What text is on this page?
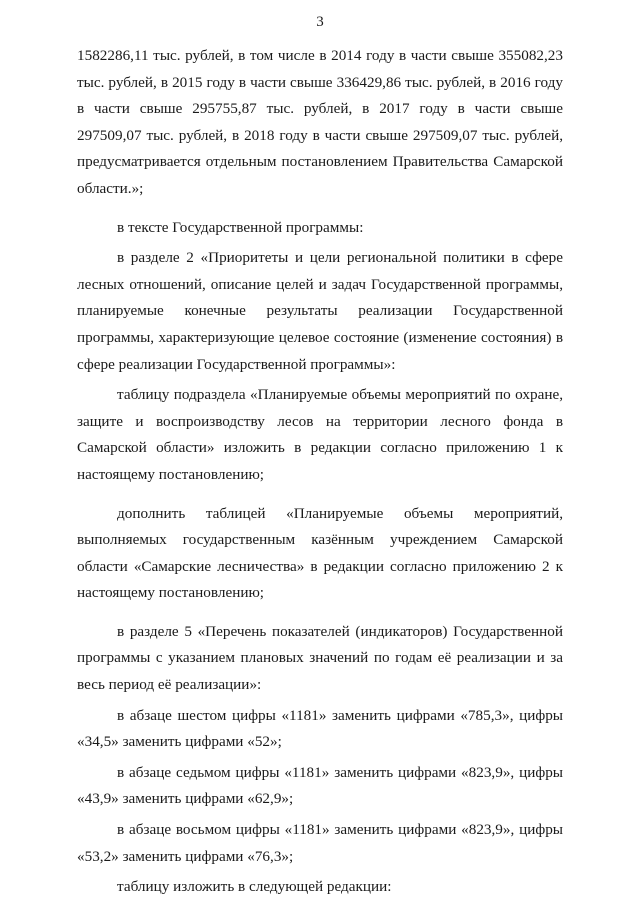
3

1582286,11 тыс. рублей, в том числе в 2014 году в части свыше 355082,23 тыс. рублей, в 2015 году в части свыше 336429,86 тыс. рублей, в 2016 году в части свыше 295755,87 тыс. рублей, в 2017 году в части свыше 297509,07 тыс. рублей, в 2018 году в части свыше 297509,07 тыс. рублей, предусматривается отдельным постановлением Правительства Самарской области.»;

в тексте Государственной программы:

в разделе 2 «Приоритеты и цели региональной политики в сфере лесных отношений, описание целей и задач Государственной программы, планируемые конечные результаты реализации Государственной программы, характеризующие целевое состояние (изменение состояния) в сфере реализации Государственной программы»:

таблицу подраздела «Планируемые объемы мероприятий по охране, защите и воспроизводству лесов на территории лесного фонда в Самарской области» изложить в редакции согласно приложению 1 к настоящему постановлению;

дополнить таблицей «Планируемые объемы мероприятий, выполняемых государственным казённым учреждением Самарской области «Самарские лесничества» в редакции согласно приложению 2 к настоящему постановлению;

в разделе 5 «Перечень показателей (индикаторов) Государственной программы с указанием плановых значений по годам её реализации и за весь период её реализации»:

в абзаце шестом цифры «1181» заменить цифрами «785,3», цифры «34,5» заменить цифрами «52»;

в абзаце седьмом цифры «1181» заменить цифрами «823,9», цифры «43,9» заменить цифрами «62,9»;

в абзаце восьмом цифры «1181» заменить цифрами «823,9», цифры «53,2» заменить цифрами «76,3»;

таблицу изложить в следующей редакции:
